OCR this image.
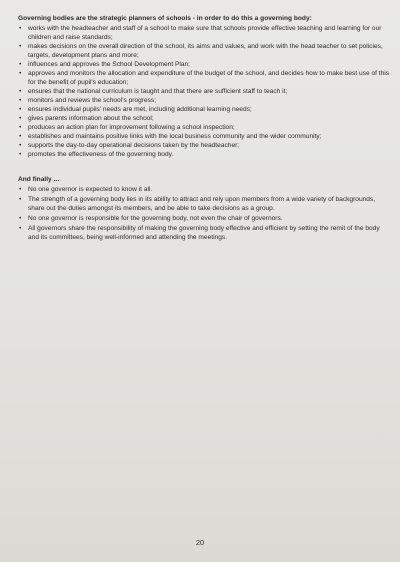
Governing bodies are the strategic planners of schools - in order to do this a governing body:
• works with the headteacher and staff of a school to make sure that schools provide effective teaching and learning for our children and raise standards;
• makes decisions on the overall direction of the school, its aims and values, and work with the head teacher to set policies, targets, development plans and more;
• influences and approves the School Development Plan;
• approves and monitors the allocation and expenditure of the budget of the school, and decides how to make best use of this for the benefit of pupil's education;
• ensures that the national curriculum is taught and that there are sufficient staff to teach it;
• monitors and reviews the school's progress;
• ensures individual pupils' needs are met, including additional learning needs;
• gives parents information about the school;
• produces an action plan for improvement following a school inspection;
• establishes and maintains positive links with the local business community and the wider community;
• supports the day-to-day operational decisions taken by the headteacher;
• promotes the effectiveness of the governing body.
And finally ...
• No one governor is expected to know it all.
• The strength of a governing body lies in its ability to attract and rely upon members from a wide variety of backgrounds, share out the duties amongst its members, and be able to take decisions as a group.
• No one governor is responsible for the governing body, not even the chair of governors.
• All governors share the responsibility of making the governing body effective and efficient by setting the remit of the body and its committees, being well-informed and attending the meetings.
20
